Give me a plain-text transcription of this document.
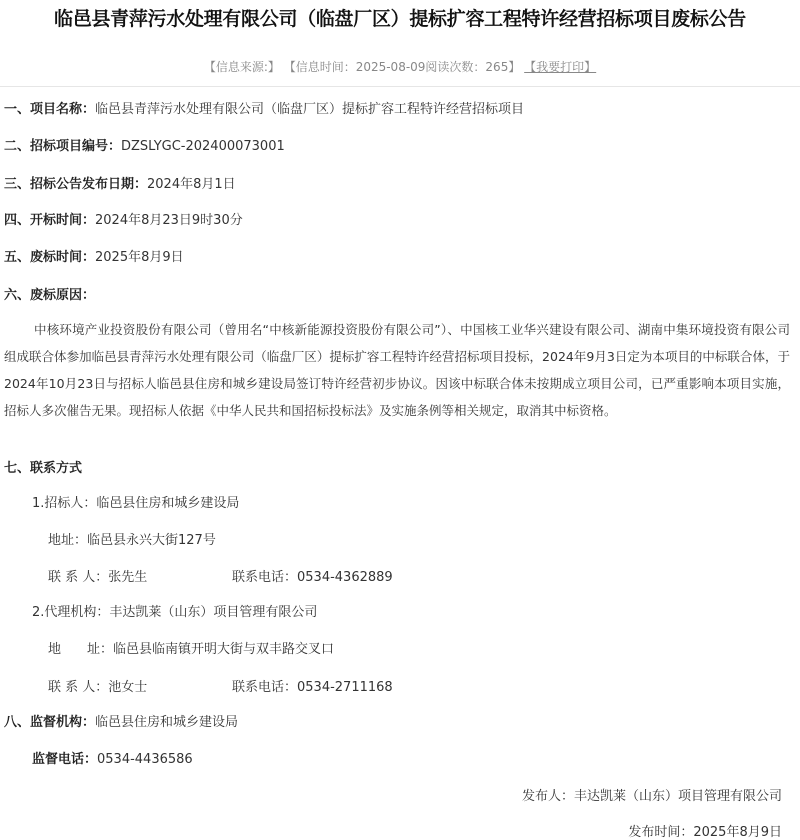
临邑县青萍污水处理有限公司（临盘厂区）提标扩容工程特许经营招标项目废标公告
【信息来源:】 【信息时间：2025-08-09阅读次数：265】 【我要打印】
一、项目名称：临邑县青萍污水处理有限公司（临盘厂区）提标扩容工程特许经营招标项目
二、招标项目编号：DZSLYGC-202400073001
三、招标公告发布日期：2024年8月1日
四、开标时间：2024年8月23日9时30分
五、废标时间：2025年8月9日
六、废标原因：
中核环境产业投资股份有限公司（曾用名“中核新能源投资股份有限公司”）、中国核工业华兴建设有限公司、湖南中集环境投资有限公司组成联合体参加临邑县青萍污水处理有限公司（临盘厂区）提标扩容工程特许经营招标项目投标，2024年9月3日定为本项目的中标联合体，于2024年10月23日与招标人临邑县住房和城乡建设局签订特许经营初步协议。因该中标联合体未按期成立项目公司，已严重影响本项目实施，招标人多次催告无果。现招标人依据《中华人民共和国招标投标法》及实施条例等相关规定，取消其中标资格。
七、联系方式
1.招标人：临邑县住房和城乡建设局
地址：临邑县永兴大街127号
联 系 人：张先生	联系电话：0534-4362889
2.代理机构：丰达凯莱（山东）项目管理有限公司
地　　址：临邑县临南镇开明大街与双丰路交叉口
联 系 人：池女士	联系电话：0534-2711168
八、监督机构：临邑县住房和城乡建设局
监督电话：0534-4436586
发布人：丰达凯莱（山东）项目管理有限公司
发布时间：2025年8月9日
